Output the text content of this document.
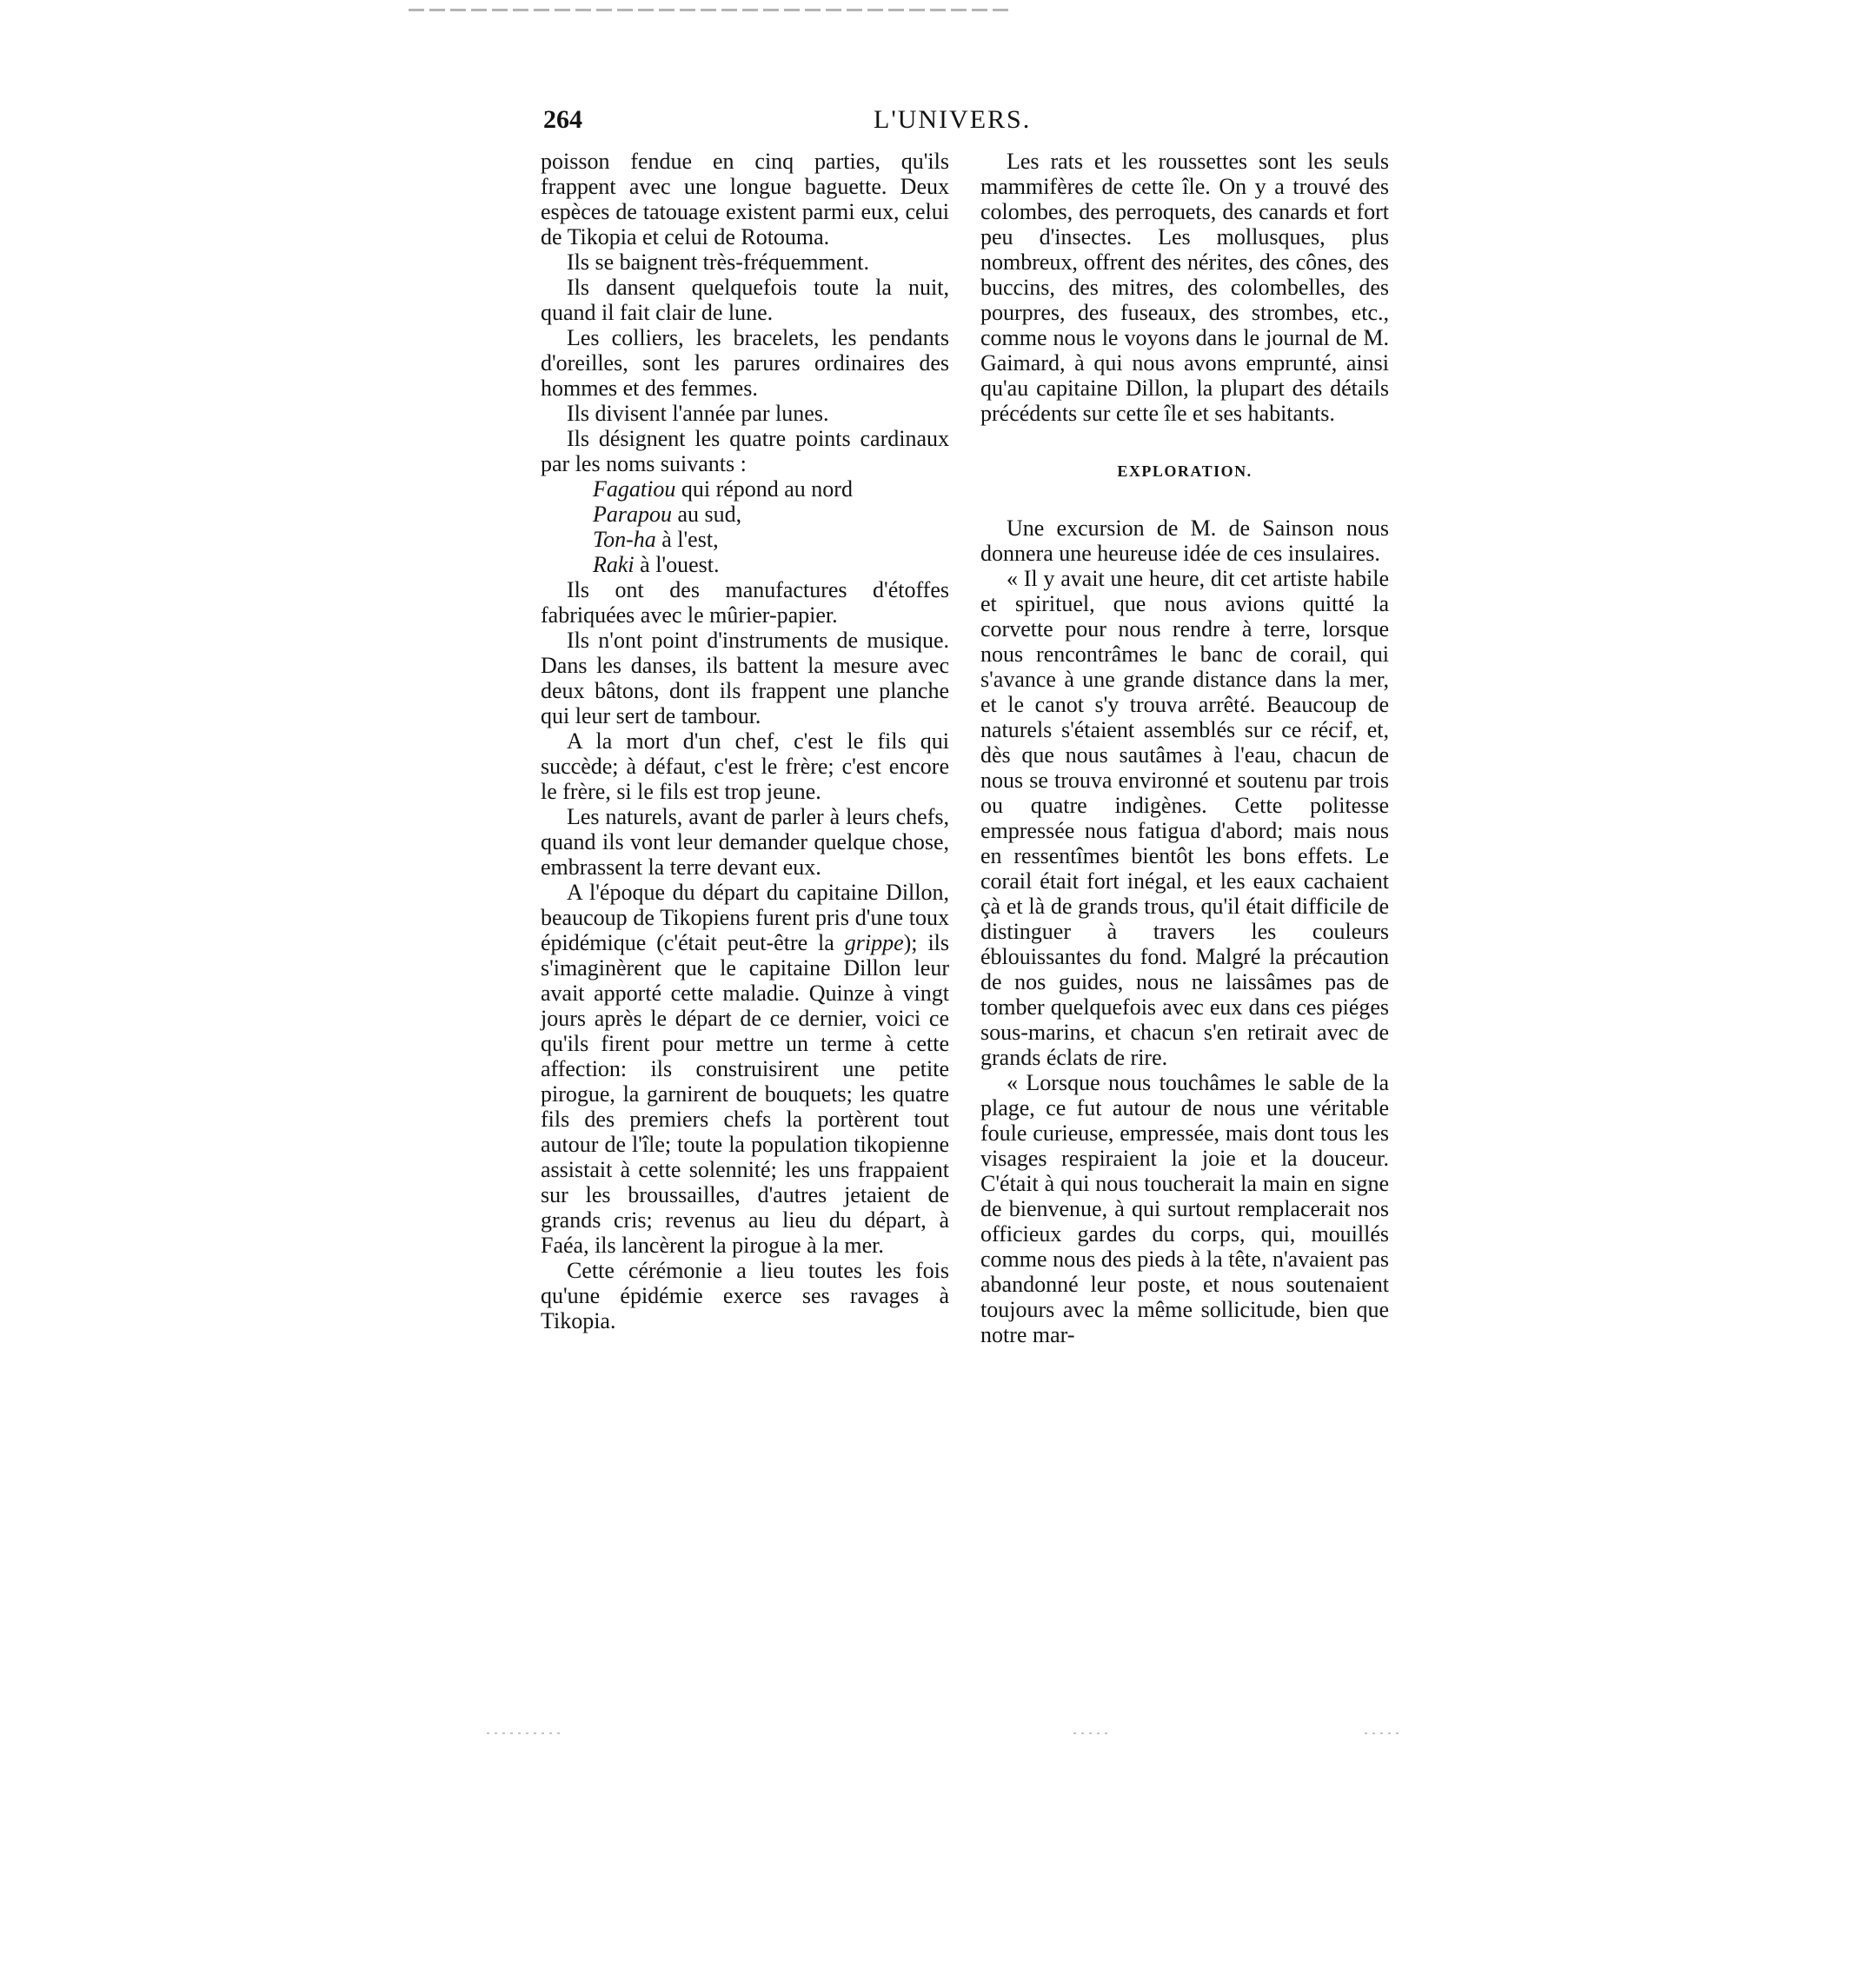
264	L'UNIVERS.

poisson fendue en cinq parties, qu'ils frappent avec une longue baguette. Deux espèces de tatouage existent parmi eux, celui de Tikopia et celui de Rotouma.

Ils se baignent très-fréquemment.

Ils dansent quelquefois toute la nuit, quand il fait clair de lune.

Les colliers, les bracelets, les pendants d'oreilles, sont les parures ordinaires des hommes et des femmes.

Ils divisent l'année par lunes.

Ils désignent les quatre points cardinaux par les noms suivants :

Fagatiou qui répond au nord
Parapou au sud,
Ton-ha à l'est,
Raki à l'ouest.

Ils ont des manufactures d'étoffes fabriquées avec le mûrier-papier.

Ils n'ont point d'instruments de musique. Dans les danses, ils battent la mesure avec deux bâtons, dont ils frappent une planche qui leur sert de tambour.

A la mort d'un chef, c'est le fils qui succède; à défaut, c'est le frère; c'est encore le frère, si le fils est trop jeune.

Les naturels, avant de parler à leurs chefs, quand ils vont leur demander quelque chose, embrassent la terre devant eux.

A l'époque du départ du capitaine Dillon, beaucoup de Tikopiens furent pris d'une toux épidémique (c'était peut-être la grippe); ils s'imaginèrent que le capitaine Dillon leur avait apporté cette maladie. Quinze à vingt jours après le départ de ce dernier, voici ce qu'ils firent pour mettre un terme à cette affection: ils construisirent une petite pirogue, la garnirent de bouquets; les quatre fils des premiers chefs la portèrent tout autour de l'île; toute la population tikopienne assistait à cette solennité; les uns frappaient sur les broussailles, d'autres jetaient de grands cris; revenus au lieu du départ, à Faéa, ils lancèrent la pirogue à la mer.

Cette cérémonie a lieu toutes les fois qu'une épidémie exerce ses ravages à Tikopia.

Les rats et les roussettes sont les seuls mammifères de cette île. On y a trouvé des colombes, des perroquets, des canards et fort peu d'insectes. Les mollusques, plus nombreux, offrent des nérites, des cônes, des buccins, des mitres, des colombelles, des pourpres, des fuseaux, des strombes, etc., comme nous le voyons dans le journal de M. Gaimard, à qui nous avons emprunté, ainsi qu'au capitaine Dillon, la plupart des détails précédents sur cette île et ses habitants.

EXPLORATION.

Une excursion de M. de Sainson nous donnera une heureuse idée de ces insulaires.

« Il y avait une heure, dit cet artiste habile et spirituel, que nous avions quitté la corvette pour nous rendre à terre, lorsque nous rencontrâmes le banc de corail, qui s'avance à une grande distance dans la mer, et le canot s'y trouva arrêté. Beaucoup de naturels s'étaient assemblés sur ce récif, et, dès que nous sautâmes à l'eau, chacun de nous se trouva environné et soutenu par trois ou quatre indigènes. Cette politesse empressée nous fatigua d'abord; mais nous en ressentîmes bientôt les bons effets. Le corail était fort inégal, et les eaux cachaient çà et là de grands trous, qu'il était difficile de distinguer à travers les couleurs éblouissantes du fond. Malgré la précaution de nos guides, nous ne laissâmes pas de tomber quelquefois avec eux dans ces piéges sous-marins, et chacun s'en retirait avec de grands éclats de rire.

« Lorsque nous touchâmes le sable de la plage, ce fut autour de nous une véritable foule curieuse, empressée, mais dont tous les visages respiraient la joie et la douceur. C'était à qui nous toucherait la main en signe de bienvenue, à qui surtout remplacerait nos officieux gardes du corps, qui, mouillés comme nous des pieds à la tête, n'avaient pas abandonné leur poste, et nous soutenaient toujours avec la même sollicitude, bien que notre mar-
